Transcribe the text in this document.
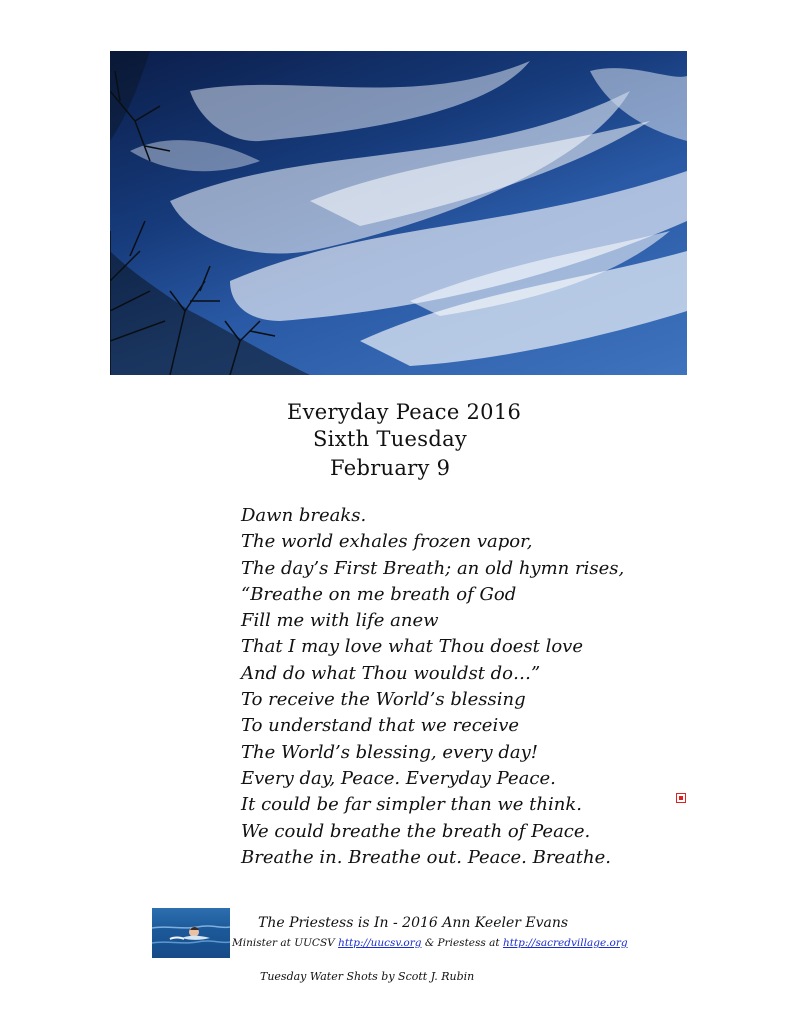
Everyday Peace 2016
Sixth Tuesday
February 9
Dawn breaks.
The world exhales frozen vapor,
The day’s First Breath; an old hymn rises,
“Breathe on me breath of God
Fill me with life anew
That I may love what Thou doest love
And do what Thou wouldst do…”
To receive the World’s blessing
To understand that we receive
The World’s blessing, every day!
Every day, Peace. Everyday Peace.
It could be far simpler than we think.
We could breathe the breath of Peace.
Breathe in. Breathe out. Peace. Breathe.
The Priestess is In - 2016 Ann Keeler Evans
Minister at UUCSV http://uucsv.org & Priestess at http://sacredvillage.org
Tuesday Water Shots by Scott J. Rubin
